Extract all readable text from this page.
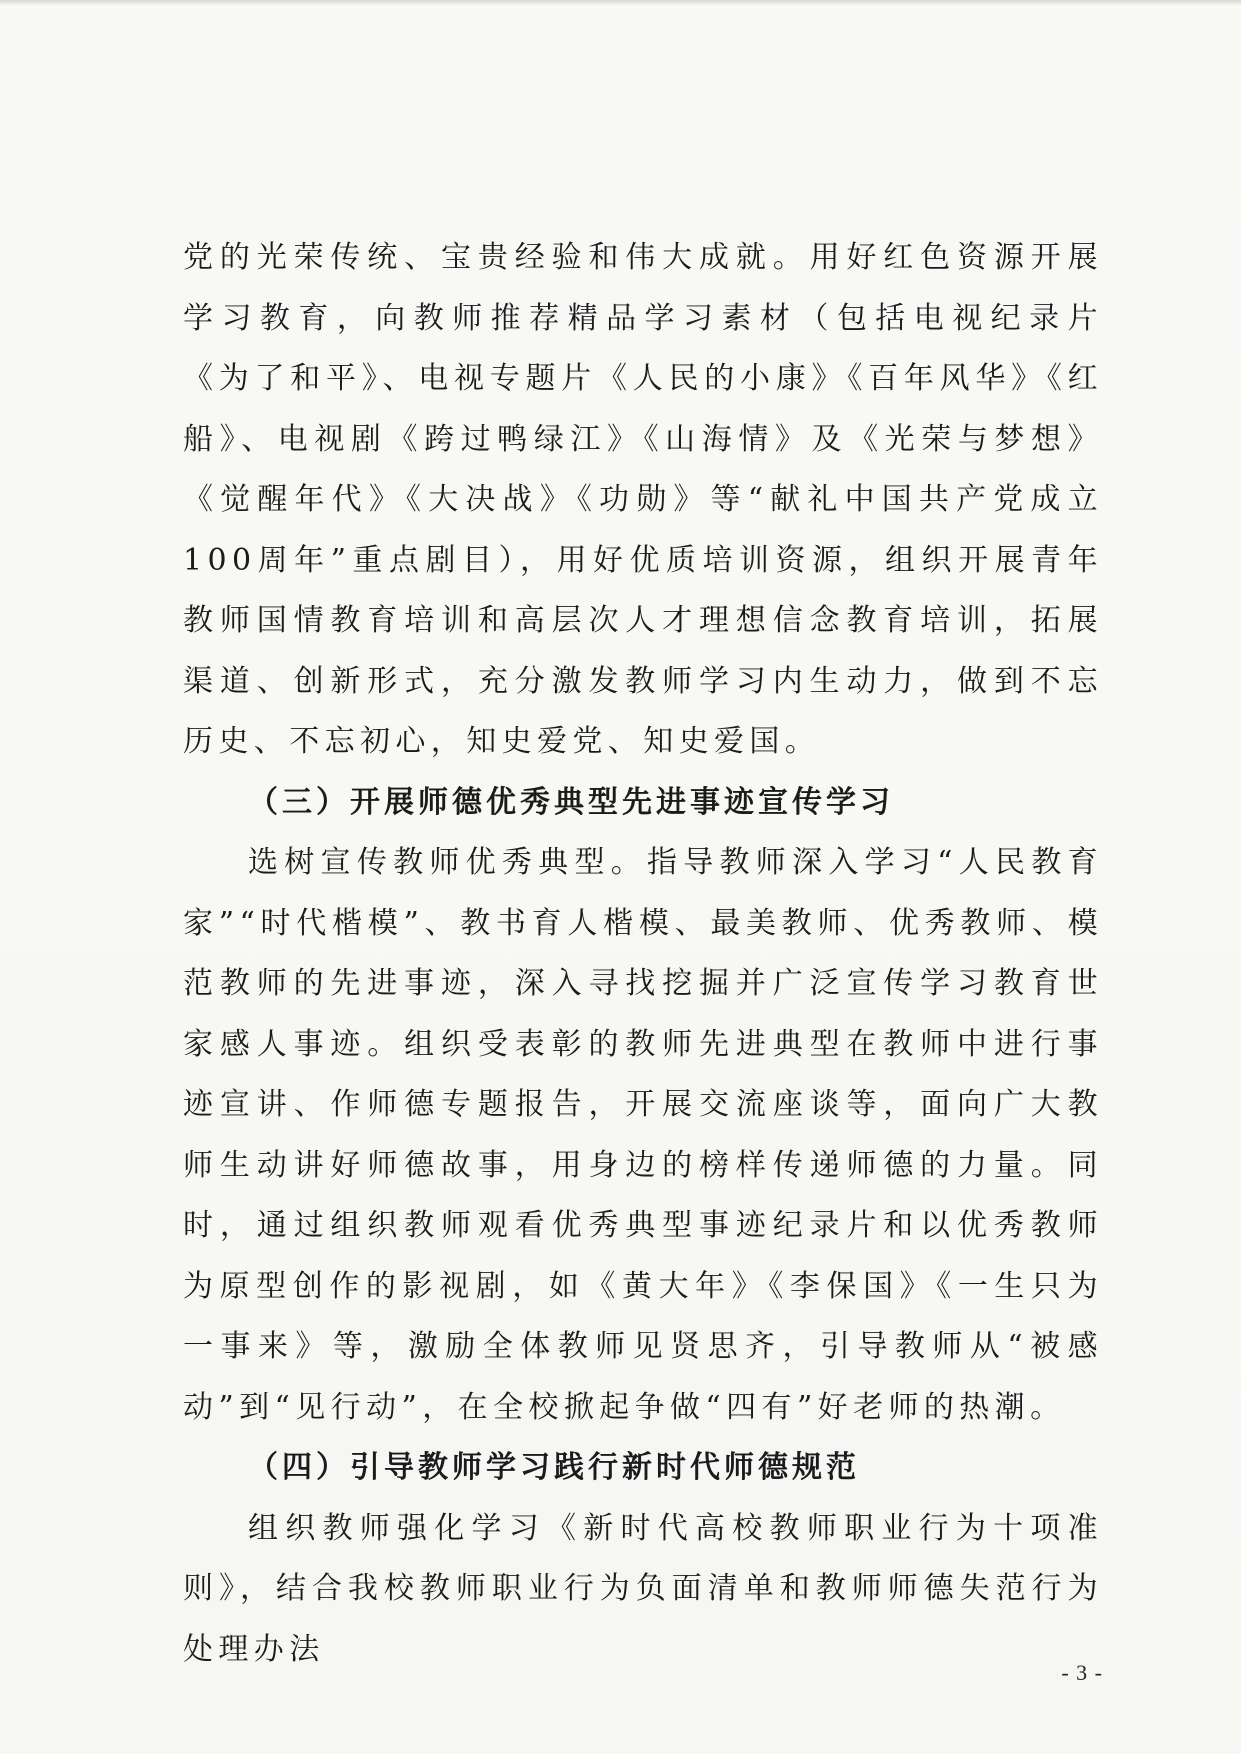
党的光荣传统、宝贵经验和伟大成就。用好红色资源开展学习教育，向教师推荐精品学习素材（包括电视纪录片《为了和平》、电视专题片《人民的小康》《百年风华》《红船》、电视剧《跨过鸭绿江》《山海情》及《光荣与梦想》《觉醒年代》《大决战》《功勋》等“献礼中国共产党成立100周年”重点剧目），用好优质培训资源，组织开展青年教师国情教育培训和高层次人才理想信念教育培训，拓展渠道、创新形式，充分激发教师学习内生动力，做到不忘历史、不忘初心，知史爱党、知史爱国。

（三）开展师德优秀典型先进事迹宣传学习

选树宣传教师优秀典型。指导教师深入学习“人民教育家”“时代楷模”、教书育人楷模、最美教师、优秀教师、模范教师的先进事迹，深入寻找挖掘并广泛宣传学习教育世家感人事迹。组织受表彰的教师先进典型在教师中进行事迹宣讲、作师德专题报告，开展交流座谈等，面向广大教师生动讲好师德故事，用身边的榜样传递师德的力量。同时，通过组织教师观看优秀典型事迹纪录片和以优秀教师为原型创作的影视剧，如《黄大年》《李保国》《一生只为一事来》等，激励全体教师见贤思齐，引导教师从“被感动”到“见行动”，在全校掀起争做“四有”好老师的热潮。

（四）引导教师学习践行新时代师德规范

组织教师强化学习《新时代高校教师职业行为十项准则》，结合我校教师职业行为负面清单和教师师德失范行为处理办法

- 3 -
